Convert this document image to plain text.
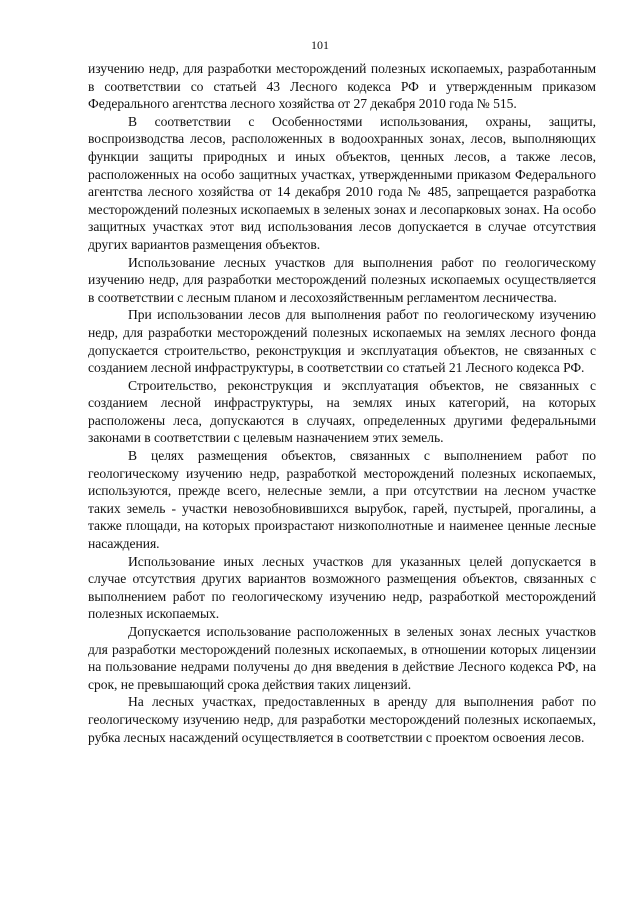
101

изучению недр, для разработки месторождений полезных ископаемых, разработанным в соответствии со статьей 43 Лесного кодекса РФ и утвержденным приказом Федерального агентства лесного хозяйства от 27 декабря 2010 года № 515.

В соответствии с Особенностями использования, охраны, защиты, воспроизводства лесов, расположенных в водоохранных зонах, лесов, выполняющих функции защиты природных и иных объектов, ценных лесов, а также лесов, расположенных на особо защитных участках, утвержденными приказом Федерального агентства лесного хозяйства от 14 декабря 2010 года № 485, запрещается разработка месторождений полезных ископаемых в зеленых зонах и лесопарковых зонах. На особо защитных участках этот вид использования лесов допускается в случае отсутствия других вариантов размещения объектов.

Использование лесных участков для выполнения работ по геологическому изучению недр, для разработки месторождений полезных ископаемых осуществляется в соответствии с лесным планом и лесохозяйственным регламентом лесничества.

При использовании лесов для выполнения работ по геологическому изучению недр, для разработки месторождений полезных ископаемых на землях лесного фонда допускается строительство, реконструкция и эксплуатация объектов, не связанных с созданием лесной инфраструктуры, в соответствии со статьей 21 Лесного кодекса РФ.

Строительство, реконструкция и эксплуатация объектов, не связанных с созданием лесной инфраструктуры, на землях иных категорий, на которых расположены леса, допускаются в случаях, определенных другими федеральными законами в соответствии с целевым назначением этих земель.

В целях размещения объектов, связанных с выполнением работ по геологическому изучению недр, разработкой месторождений полезных ископаемых, используются, прежде всего, нелесные земли, а при отсутствии на лесном участке таких земель - участки невозобновившихся вырубок, гарей, пустырей, прогалины, а также площади, на которых произрастают низкополнотные и наименее ценные лесные насаждения.

Использование иных лесных участков для указанных целей допускается в случае отсутствия других вариантов возможного размещения объектов, связанных с выполнением работ по геологическому изучению недр, разработкой месторождений полезных ископаемых.

Допускается использование расположенных в зеленых зонах лесных участков для разработки месторождений полезных ископаемых, в отношении которых лицензии на пользование недрами получены до дня введения в действие Лесного кодекса РФ, на срок, не превышающий срока действия таких лицензий.

На лесных участках, предоставленных в аренду для выполнения работ по геологическому изучению недр, для разработки месторождений полезных ископаемых, рубка лесных насаждений осуществляется в соответствии с проектом освоения лесов.
